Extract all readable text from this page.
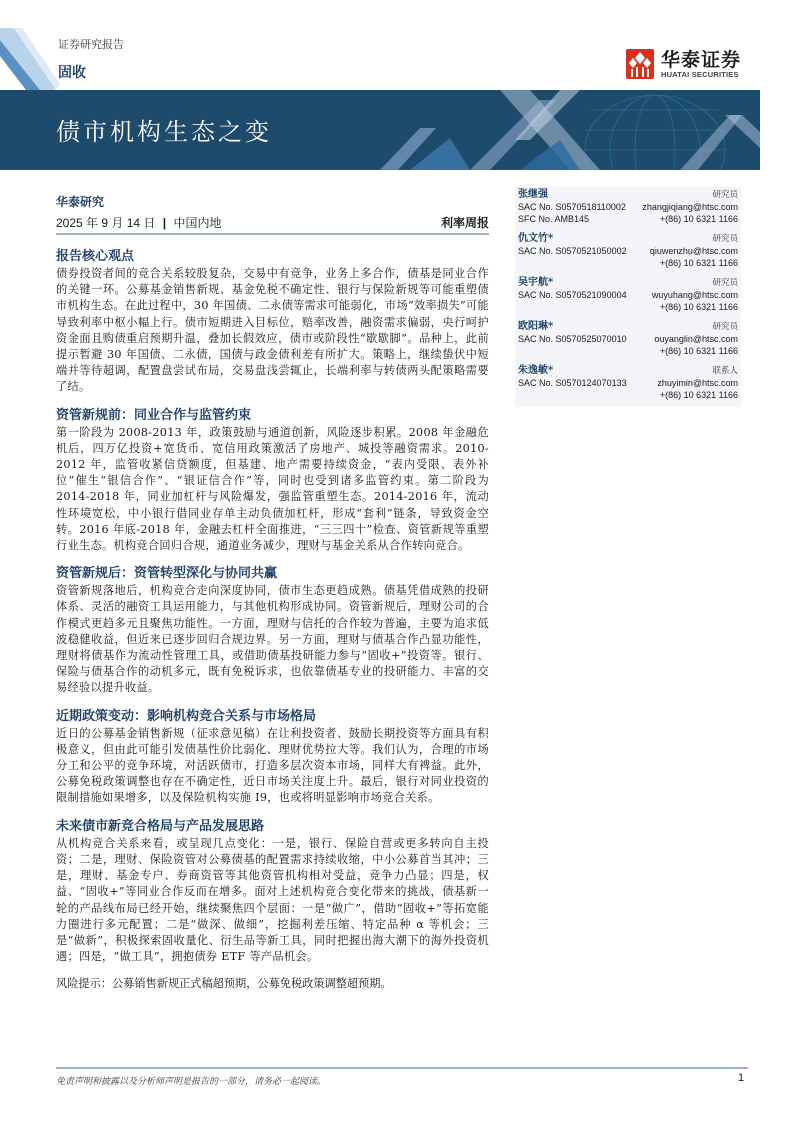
证券研究报告
固收
华泰证券
HUATAI SECURITIES
债市机构生态之变
华泰研究
2025 年 9 月 14 日 | 中国内地	利率周报
张继强	研究员
SAC No. S0570518110002 zhangjiqiang@htsc.com
SFC No. AMB145	+(86) 10 6321 1166
仇文竹*	研究员
SAC No. S0570521050002	qiuwenzhu@htsc.com
+(86) 10 6321 1166
吴宇航*	研究员
SAC No. S0570521090004	wuyuhang@htsc.com
+(86) 10 6321 1166
欧阳琳*	研究员
SAC No. S0570525070010	ouyanglin@htsc.com
+(86) 10 6321 1166
朱逸敏*	联系人
SAC No. S0570124070133	zhuyimin@htsc.com
+(86) 10 6321 1166
报告核心观点

债券投资者间的竞合关系较股复杂，交易中有竞争，业务上多合作，债基是同业合作的关键一环。公募基金销售新规、基金免税不确定性、银行与保险新规等可能重塑债市机构生态。在此过程中，30 年国债、二永债等需求可能弱化，市场“效率损失”可能导致利率中枢小幅上行。债市短期进入目标位，赔率改善，融资需求偏弱，央行呵护资金面且购债重启预期升温，叠加长假效应，债市或阶段性“歇歇脚”。品种上，此前提示暂避 30 年国债、二永债，国债与政金债利差有所扩大。策略上，继续蛰伏中短端并等待超调，配置盘尝试布局，交易盘浅尝辄止，长端利率与转债两头配策略需要了结。

资管新规前：同业合作与监管约束

第一阶段为 2008-2013 年，政策鼓励与通道创新，风险逐步积累。2008 年金融危机后，四万亿投资+宽货币、宽信用政策激活了房地产、城投等融资需求。2010-2012 年，监管收紧信贷额度，但基建、地产需要持续资金，“表内受限、表外补位”催生“银信合作”、“银证信合作”等，同时也受到诸多监管约束。第二阶段为 2014-2018 年，同业加杠杆与风险爆发，强监管重塑生态。2014-2016 年，流动性环境宽松，中小银行借同业存单主动负债加杠杆，形成“套利”链条，导致资金空转。2016 年底-2018 年，金融去杠杆全面推进，“三三四十”检查、资管新规等重塑行业生态。机构竞合回归合规，通道业务减少，理财与基金关系从合作转向竞合。

资管新规后：资管转型深化与协同共赢

资管新规落地后，机构竞合走向深度协同，债市生态更趋成熟。债基凭借成熟的投研体系、灵活的融资工具运用能力，与其他机构形成协同。资管新规后，理财公司的合作模式更趋多元且聚焦功能性。一方面，理财与信托的合作较为普遍，主要为追求低波稳健收益，但近来已逐步回归合规边界。另一方面，理财与债基合作凸显功能性，理财将债基作为流动性管理工具，或借助债基投研能力参与“固收+”投资等。银行、保险与债基合作的动机多元，既有免税诉求，也依靠债基专业的投研能力、丰富的交易经验以提升收益。

近期政策变动：影响机构竞合关系与市场格局

近日的公募基金销售新规（征求意见稿）在让利投资者、鼓励长期投资等方面具有积极意义，但由此可能引发债基性价比弱化、理财优势拉大等。我们认为，合理的市场分工和公平的竞争环境，对活跃债市，打造多层次资本市场，同样大有裨益。此外，公募免税政策调整也存在不确定性，近日市场关注度上升。最后，银行对同业投资的限制措施如果增多，以及保险机构实施 I9，也或将明显影响市场竞合关系。

未来债市新竞合格局与产品发展思路

从机构竞合关系来看，或呈现几点变化：一是，银行、保险自营或更多转向自主投资；二是，理财、保险资管对公募债基的配置需求持续收缩，中小公募首当其冲；三是，理财、基金专户、券商资管等其他资管机构相对受益，竞争力凸显；四是，权益、“固收+”等同业合作反而在增多。面对上述机构竞合变化带来的挑战，债基新一轮的产品线布局已经开始，继续聚焦四个层面：一是“做广”，借助“固收+”等拓宽能力圈进行多元配置；二是“做深、做细”，挖掘利差压缩、特定品种 α 等机会；三是“做新”，积极探索固收量化、衍生品等新工具，同时把握出海大潮下的海外投资机遇；四是，“做工具”，拥抱债券 ETF 等产品机会。

风险提示：公募销售新规正式稿超预期，公募免税政策调整超预期。
免责声明和披露以及分析师声明是报告的一部分，请务必一起阅读。	1
